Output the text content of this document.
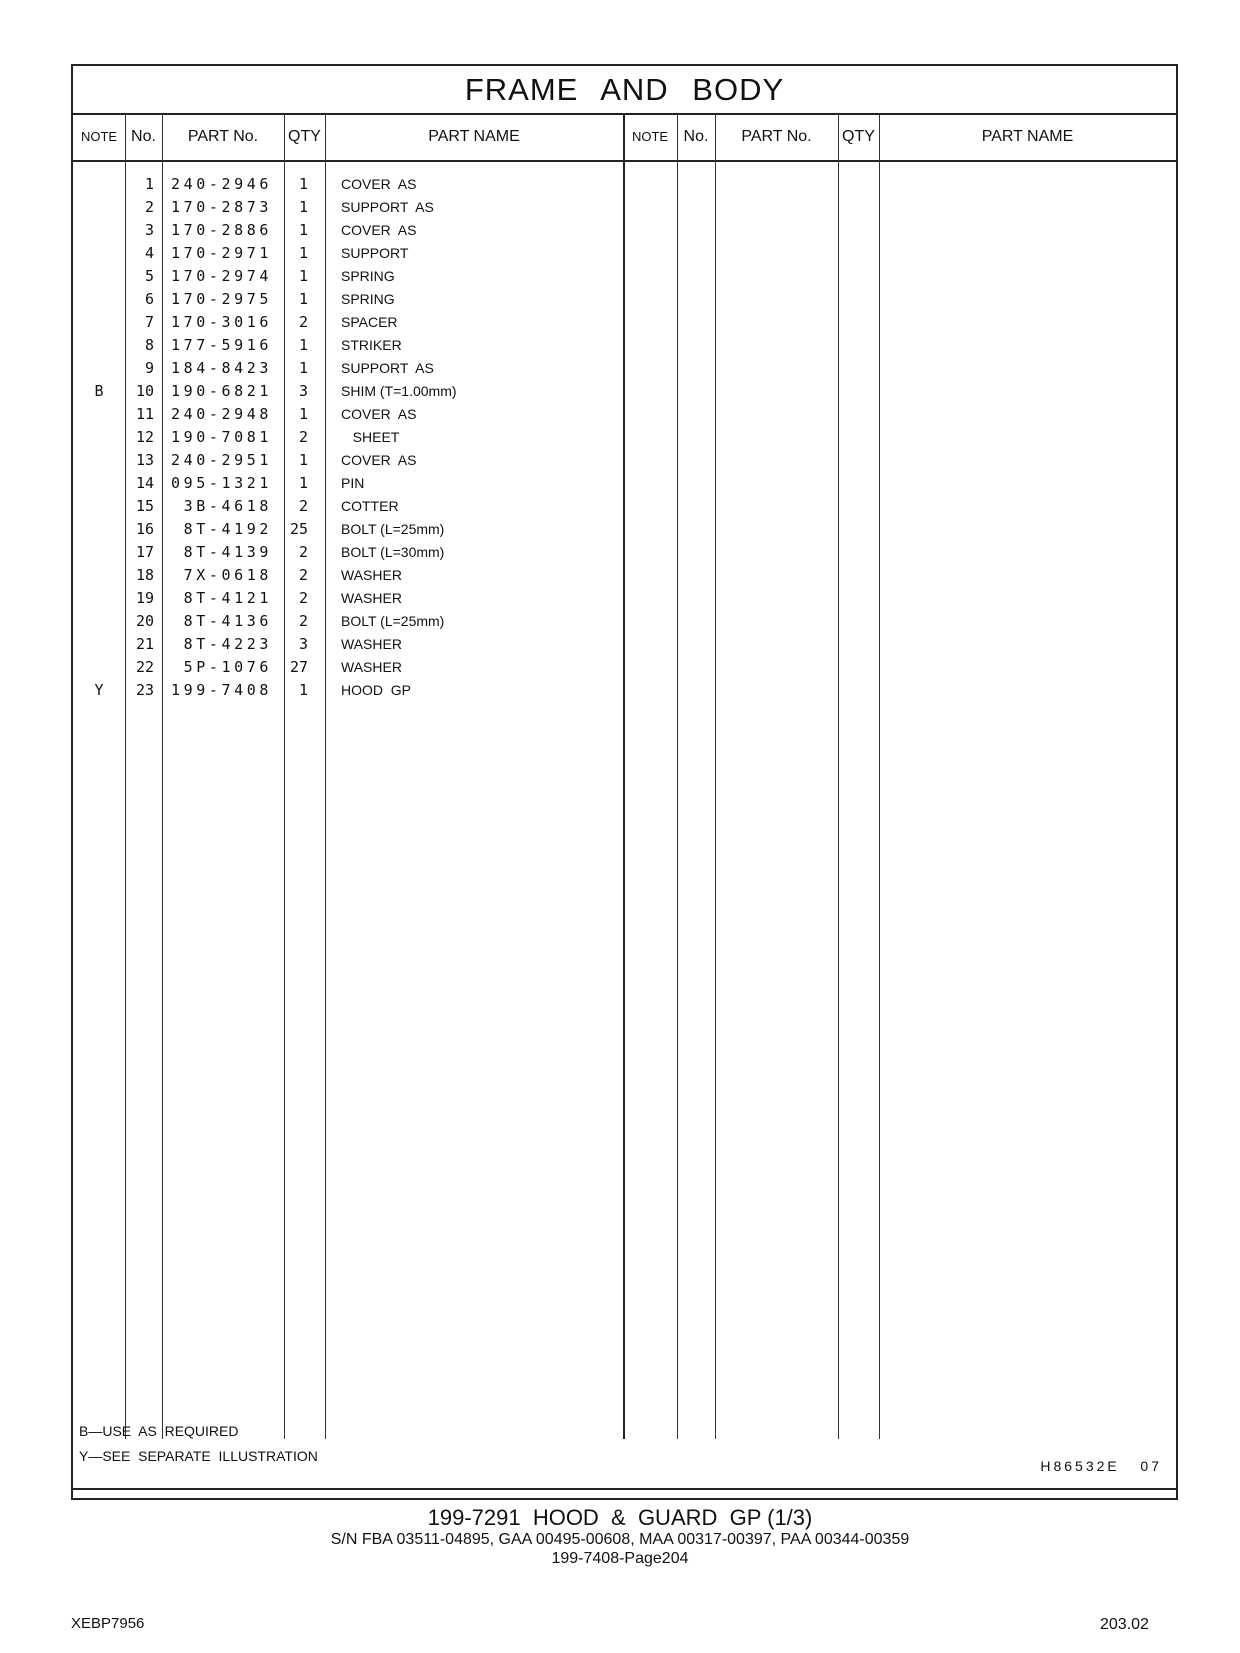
FRAME AND BODY
NOTE No.	PART No.	QTY	PART NAME	NOTE No.	PART No.	QTY	PART NAME
1	240-2946	1 COVER  AS
2	170-2873	1 SUPPORT  AS
3	170-2886	1 COVER  AS
4	170-2971	1 SUPPORT
5	170-2974	1 SPRING
6	170-2975	1 SPRING
7	170-3016	2 SPACER
8	177-5916	1 STRIKER
9	184-8423	1 SUPPORT  AS
B	10	190-6821	3 SHIM (T=1.00mm)
11	240-2948	1 COVER  AS
12	190-7081	2 SHEET
13	240-2951	1 COVER  AS
14	095-1321	1 PIN
15	3B-4618	2 COTTER
16	8T-4192	25 BOLT (L=25mm)
17	8T-4139	2 BOLT (L=30mm)
18	7X-0618	2 WASHER
19	8T-4121	2 WASHER
20	8T-4136	2 BOLT (L=25mm)
21	8T-4223	3 WASHER
22	5P-1076	27 WASHER
Y	23	199-7408	1 HOOD  GP
B—USE  AS  REQUIRED
Y—SEE  SEPARATE  ILLUSTRATION
H86532E   07
199-7291  HOOD  &  GUARD  GP (1/3)
S/N FBA 03511-04895, GAA 00495-00608, MAA 00317-00397, PAA 00344-00359
199-7408-Page204
XEBP7956	203.02
